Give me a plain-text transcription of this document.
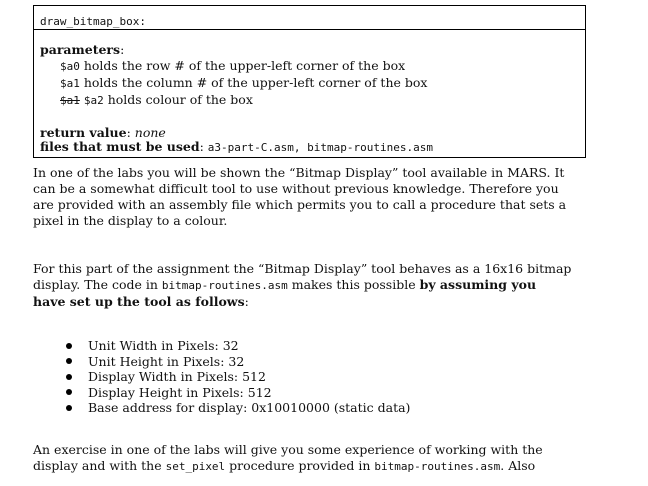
draw_bitmap_box:
parameters:
$a0 holds the row # of the upper-left corner of the box
$a1 holds the column # of the upper-left corner of the box
$a1 $a2 holds colour of the box
return value: none
files that must be used: a3-part-C.asm, bitmap-routines.asm
In one of the labs you will be shown the “Bitmap Display” tool available in MARS. It
can be a somewhat difficult tool to use without previous knowledge. Therefore you
are provided with an assembly file which permits you to call a procedure that sets a
pixel in the display to a colour.
For this part of the assignment the “Bitmap Display” tool behaves as a 16x16 bitmap
display. The code in bitmap-routines.asm makes this possible by assuming you
have set up the tool as follows:
Unit Width in Pixels: 32
Unit Height in Pixels: 32
Display Width in Pixels: 512
Display Height in Pixels: 512
Base address for display: 0x10010000 (static data)
An exercise in one of the labs will give you some experience of working with the
display and with the set_pixel procedure provided in bitmap-routines.asm. Also
